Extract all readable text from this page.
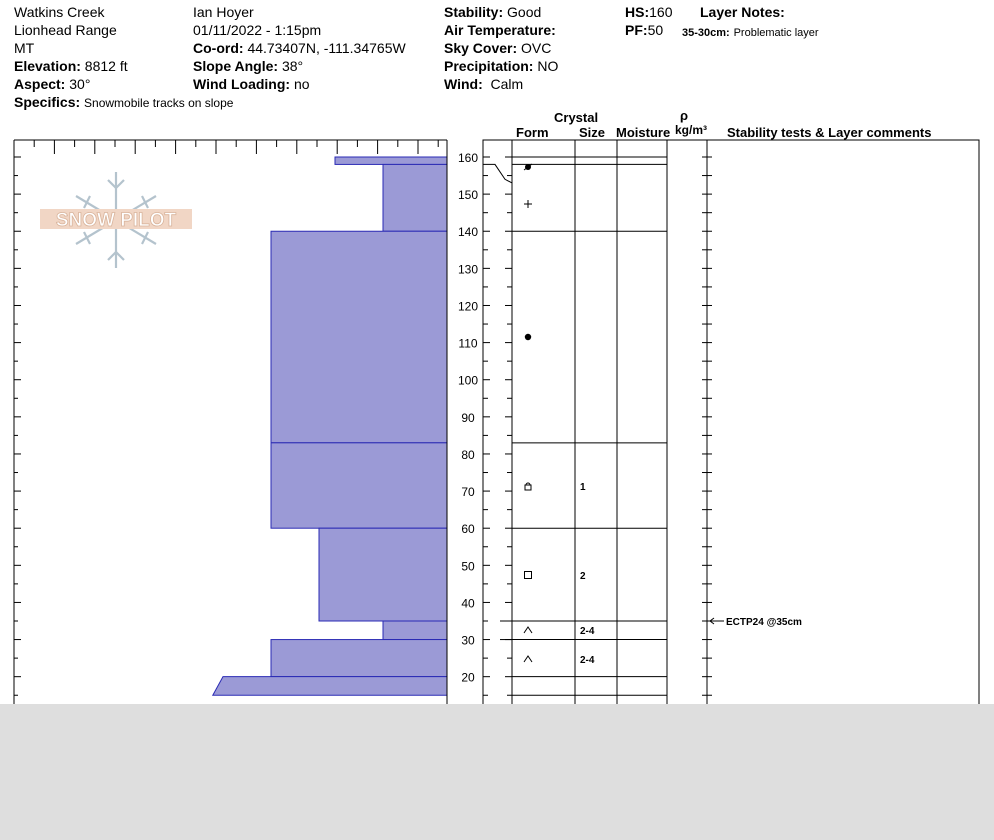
Watkins Creek
Lionhead Range
MT
Elevation: 8812 ft
Aspect: 30°
Specifics: Snowmobile tracks on slope
Ian Hoyer
01/11/2022 - 1:15pm
Co-ord: 44.73407N, -111.34765W
Slope Angle: 38°
Wind Loading: no
Stability: Good
Air Temperature:
Sky Cover: OVC
Precipitation: NO
Wind: Calm
HS:160
PF:50
Layer Notes:
35-30cm: Problematic layer
Crystal
Form Size Moisture
ρ
kg/m³ Stability tests & Layer comments
SNOW PILOT
20
30
40
50
60
70
80
90
100
110
120
130
140
150
160
1
2
2-4
2-4
ECTP24 @35cm
